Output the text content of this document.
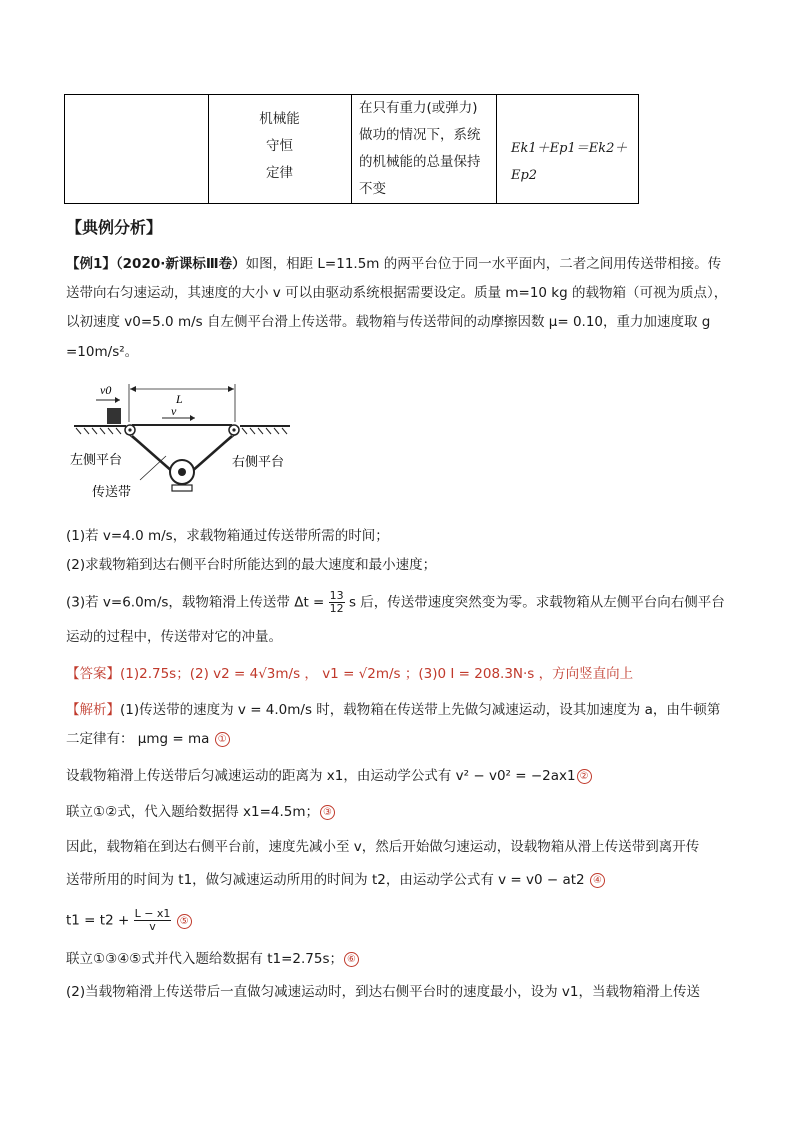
机械能
守恒
定律
在只有重力(或弹力)
做功的情况下，系统
的机械能的总量保持
不变
Ek1＋Ep1＝Ek2＋Ep2
【典例分析】
【例1】（2020·新课标Ⅲ卷）如图，相距 L=11.5m 的两平台位于同一水平面内，二者之间用传送带相接。传
送带向右匀速运动，其速度的大小 v 可以由驱动系统根据需要设定。质量 m=10 kg 的载物箱（可视为质点），
以初速度 v0=5.0 m/s 自左侧平台滑上传送带。载物箱与传送带间的动摩擦因数 μ= 0.10，重力加速度取 g
=10m/s²。
v0
L
v
左侧平台	右侧平台
传送带
(1)若 v=4.0 m/s，求载物箱通过传送带所需的时间；
(2)求载物箱到达右侧平台时所能达到的最大速度和最小速度；
(3)若 v=6.0m/s，载物箱滑上传送带 $\Delta t = \frac{13}{12}$ s 后，传送带速度突然变为零。求载物箱从左侧平台向右侧平台
运动的过程中，传送带对它的冲量。
【答案】(1)2.75s；(2) v2 = 4√3m/s ， v1 = √2m/s ；(3)0 I = 208.3N·s ，方向竖直向上
【解析】(1)传送带的速度为 v = 4.0m/s 时，载物箱在传送带上先做匀减速运动，设其加速度为 a，由牛顿第
二定律有： μmg = ma ①
设载物箱滑上传送带后匀减速运动的距离为 x1，由运动学公式有 v² − v0² = −2ax1 ②
联立①②式，代入题给数据得 x1=4.5m； ③
因此，载物箱在到达右侧平台前，速度先减小至 v，然后开始做匀速运动，设载物箱从滑上传送带到离开传
送带所用的时间为 t1，做匀减速运动所用的时间为 t2，由运动学公式有 v = v0 − at2 ④
$t1 = t2 + \frac{L - x1}{v}$ ⑤
联立①③④⑤式并代入题给数据有 t1=2.75s； ⑥
(2)当载物箱滑上传送带后一直做匀减速运动时，到达右侧平台时的速度最小，设为 v1，当载物箱滑上传送
